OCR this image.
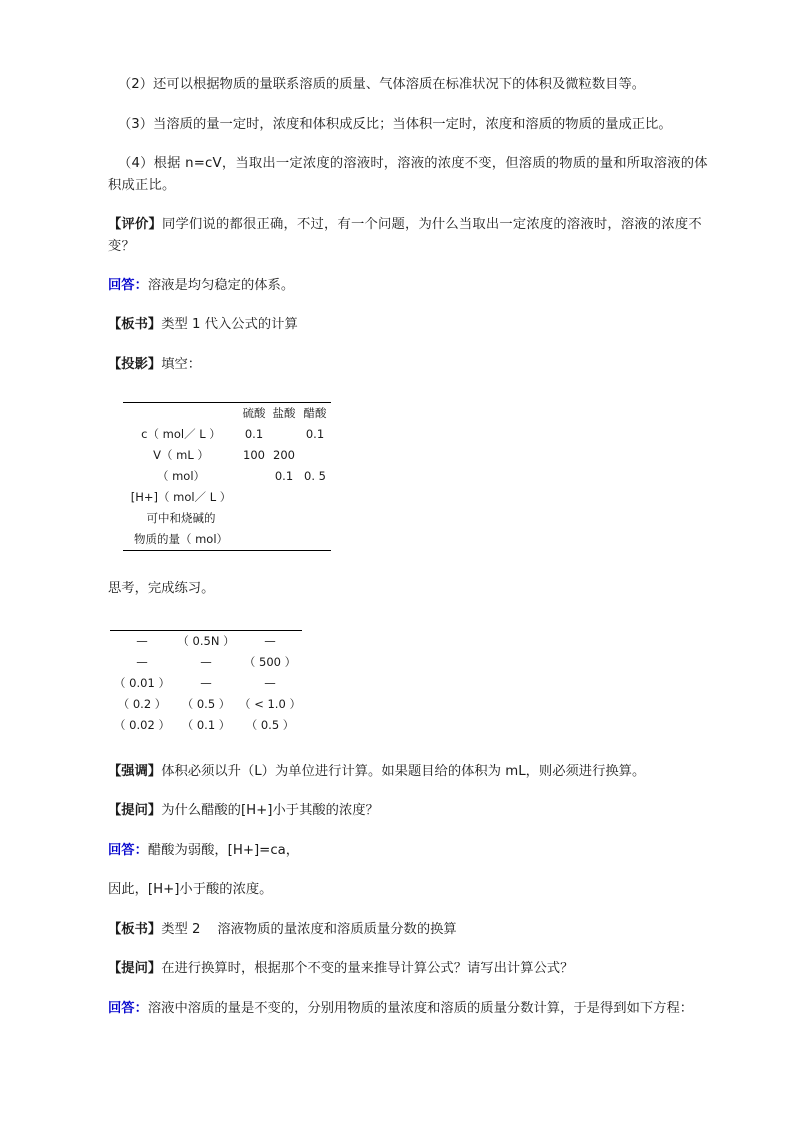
（2）还可以根据物质的量联系溶质的质量、气体溶质在标准状况下的体积及微粒数目等。

（3）当溶质的量一定时，浓度和体积成反比；当体积一定时，浓度和溶质的物质的量成正比。

（4）根据 n=cV，当取出一定浓度的溶液时，溶液的浓度不变，但溶质的物质的量和所取溶液的体积成正比。

【评价】同学们说的都很正确，不过，有一个问题，为什么当取出一定浓度的溶液时，溶液的浓度不变？

回答：溶液是均匀稳定的体系。

【板书】类型 1 代入公式的计算

【投影】填空：

	硫酸	盐酸	醋酸
c（ mol／ L ）	0.1		0.1
V（ mL ）	100	200	
（ mol）		0.1	0. 5
[H+]（ mol／ L ）			
可中和烧碱的			
物质的量（ mol）			

思考，完成练习。

—	（ 0.5N ）	—
—	—	（ 500 ）
（ 0.01 ）	—	—
（ 0.2 ）	（ 0.5 ）	（ < 1.0 ）
（ 0.02 ）	（ 0.1 ）	（ 0.5 ）

【强调】体积必须以升（L）为单位进行计算。如果题目给的体积为 mL，则必须进行换算。

【提问】为什么醋酸的[H+]小于其酸的浓度？

回答：醋酸为弱酸，[H+]=ca，

因此，[H+]小于酸的浓度。

【板书】类型 2    溶液物质的量浓度和溶质质量分数的换算

【提问】在进行换算时，根据那个不变的量来推导计算公式？请写出计算公式？

回答：溶液中溶质的量是不变的，分别用物质的量浓度和溶质的质量分数计算，于是得到如下方程：
